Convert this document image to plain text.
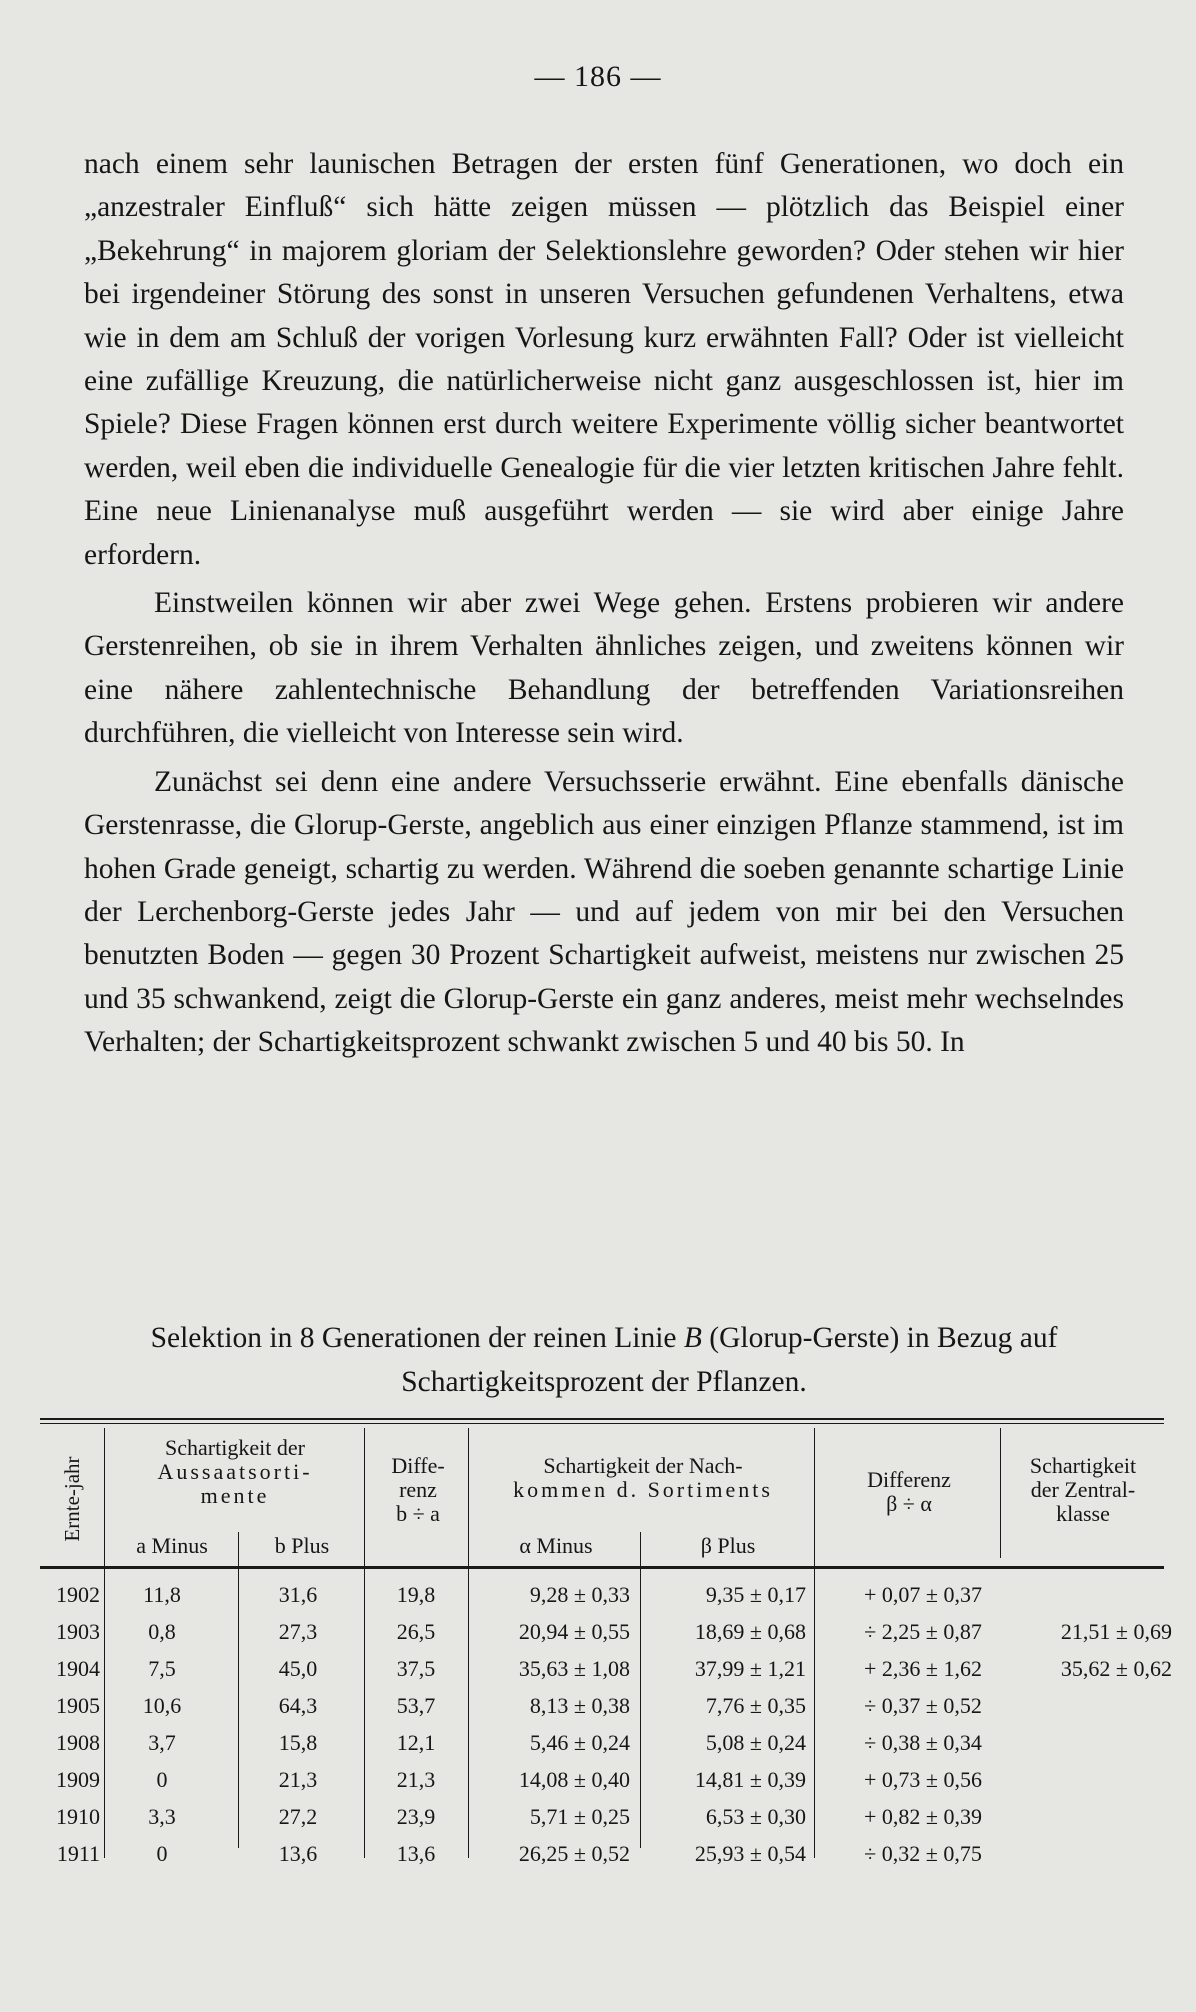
— 186 —

nach einem sehr launischen Betragen der ersten fünf Generationen, wo doch ein „anzestraler Einfluß“ sich hätte zeigen müssen — plötzlich das Beispiel einer „Bekehrung“ in majorem gloriam der Selektionslehre geworden? Oder stehen wir hier bei irgendeiner Störung des sonst in unseren Versuchen gefundenen Verhaltens, etwa wie in dem am Schluß der vorigen Vorlesung kurz erwähnten Fall? Oder ist vielleicht eine zufällige Kreuzung, die natürlicherweise nicht ganz ausgeschlossen ist, hier im Spiele? Diese Fragen können erst durch weitere Experimente völlig sicher beantwortet werden, weil eben die individuelle Genealogie für die vier letzten kritischen Jahre fehlt. Eine neue Linienanalyse muß ausgeführt werden — sie wird aber einige Jahre erfordern.

Einstweilen können wir aber zwei Wege gehen. Erstens probieren wir andere Gerstenreihen, ob sie in ihrem Verhalten ähnliches zeigen, und zweitens können wir eine nähere zahlentechnische Behandlung der betreffenden Variationsreihen durchführen, die vielleicht von Interesse sein wird.

Zunächst sei denn eine andere Versuchsserie erwähnt. Eine ebenfalls dänische Gerstenrasse, die Glorup-Gerste, angeblich aus einer einzigen Pflanze stammend, ist im hohen Grade geneigt, schartig zu werden. Während die soeben genannte schartige Linie der Lerchenborg-Gerste jedes Jahr — und auf jedem von mir bei den Versuchen benutzten Boden — gegen 30 Prozent Schartigkeit aufweist, meistens nur zwischen 25 und 35 schwankend, zeigt die Glorup-Gerste ein ganz anderes, meist mehr wechselndes Verhalten; der Schartigkeitsprozent schwankt zwischen 5 und 40 bis 50. In

Selektion in 8 Generationen der reinen Linie B (Glorup-Gerste) in Bezug auf Schartigkeitsprozent der Pflanzen.
Ernte-jahr
Schartigkeit der
Aussaatsorti-
mente
a Minus	b Plus
Diffe-
renz
b ÷ a
Schartigkeit der Nach-
kommen d. Sortiments
α Minus	β Plus
Differenz
β ÷ α
Schartigkeit
der Zentral-
klasse
1902	11,8	31,6	19,8	9,28 ± 0,33	9,35 ± 0,17	+ 0,07 ± 0,37
1903	0,8	27,3	26,5	20,94 ± 0,55	18,69 ± 0,68	÷ 2,25 ± 0,87	21,51 ± 0,69
1904	7,5	45,0	37,5	35,63 ± 1,08	37,99 ± 1,21	+ 2,36 ± 1,62	35,62 ± 0,62
1905	10,6	64,3	53,7	8,13 ± 0,38	7,76 ± 0,35	÷ 0,37 ± 0,52
1908	3,7	15,8	12,1	5,46 ± 0,24	5,08 ± 0,24	÷ 0,38 ± 0,34
1909	0	21,3	21,3	14,08 ± 0,40	14,81 ± 0,39	+ 0,73 ± 0,56
1910	3,3	27,2	23,9	5,71 ± 0,25	6,53 ± 0,30	+ 0,82 ± 0,39
1911	0	13,6	13,6	26,25 ± 0,52	25,93 ± 0,54	÷ 0,32 ± 0,75
